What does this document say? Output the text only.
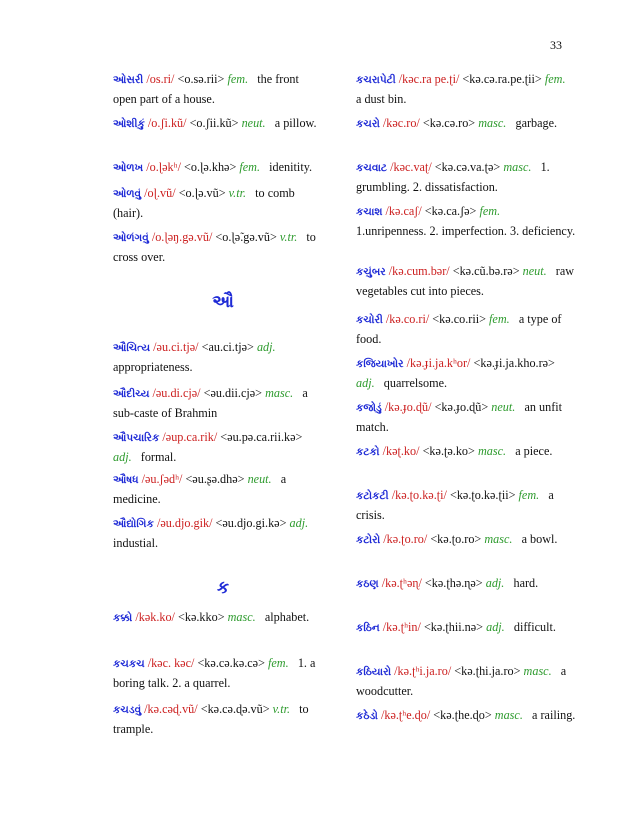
33
ઓસરી /os.ri/ <o.sə.rii> fem. the front open part of a house.
ઓશીકું /o.ʃi.kũ/ <o.ʃii.kũ> neut. a pillow.
ઓળખ /o.ɭəkʰ/ <o.ɭə.khə> fem. idenitity.
ઓળવું /oɭ.vũ/ <o.ɭə.vũ> v.tr. to comb (hair).
ઓળંગવું /o.ɭəŋ.gə.vũ/ <o.ɭə̃.gə.vũ> v.tr. to cross over.
ઔ
ઔચિત્ય /əu.ci.tjə/ <au.ci.tjə> adj.   appropriateness.
ઔદીચ્ય /əu.di.cjə/ <əu.dii.cjə> masc. a sub-caste of Brahmin
ઔપચારિક /əup.ca.rik/ <əu.pə.ca.rii.kə> adj. formal.
ઔષધ /əu.ʃədʰ/ <əu.ʂə.dhə> neut. a medicine.
ઔદ્યોગિક /əu.djo.gik/ <əu.djo.gi.kə> adj.   industial.
ક
કક્કો /kək.ko/ <kə.kko> masc. alphabet.
કચકચ /kəc. kəc/ <kə.cə.kə.cə> fem. 1. a boring talk. 2. a quarrel.
કચડવું /kə.cəɖ.vũ/ <kə.cə.ɖə.vũ> v.tr. to trample.
કચરાપેટી /kəc.ra pe.ʈi/ <kə.cə.ra.pe.ʈii> fem.   a dust bin.
કચરો /kəc.ro/ <kə.cə.ro> masc. garbage.
કચવાટ /kəc.vaʈ/ <kə.cə.va.ʈə> masc. 1. grumbling. 2. dissatisfaction.
કચાશ /kə.caʃ/ <kə.ca.ʃə> fem.   1.unripenness. 2. imperfection. 3. deficiency.
કચુંબર /kə.cum.bər/ <kə.cũ.bə.rə> neut. raw vegetables cut into pieces.
કચોરી /kə.co.ri/ <kə.co.rii> fem. a type of food.
કજિયાખોર /kə.ɟi.ja.kʰor/ <kə.ɟi.ja.kho.rə> adj. quarrelsome.
કજોડું /kə.ɟo.ɖũ/ <kə.ɟo.ɖũ> neut. an unfit match.
કટકો /kəʈ.ko/ <kə.ʈə.ko> masc. a piece.
કટોકટી /kə.ʈo.kə.ʈi/ <kə.ʈo.kə.ʈii> fem. a crisis.
કટોરો /kə.ʈo.ro/ <kə.ʈo.ro> masc. a bowl.
કઠણ /kə.ʈʰəɳ/ <kə.ʈhə.ɳə> adj. hard.
કઠિન /kə.ʈʰin/ <kə.ʈhii.nə> adj. difficult.
કઠિયારો /kə.ʈʰi.ja.ro/ <kə.ʈhi.ja.ro> masc. a woodcutter.
કઠેડો /kə.ʈʰe.ɖo/ <kə.ʈhe.ɖo> masc. a railing.
